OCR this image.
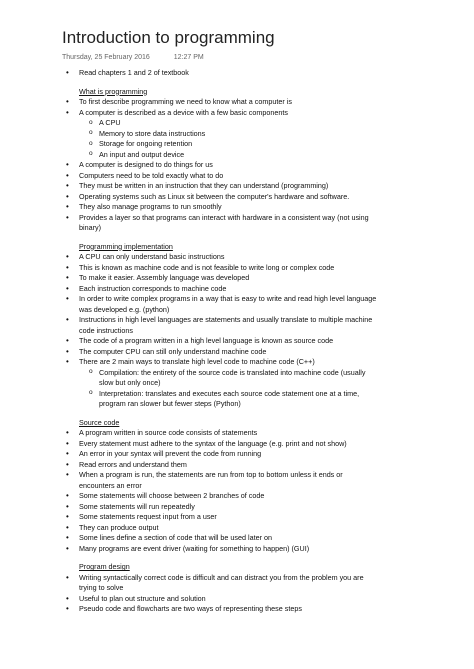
Introduction to programming
Thursday, 25 February 2016	12:27 PM
• Read chapters 1 and 2 of textbook
What is programming
• To first describe programming we need to know what a computer is
• A computer is described as a device with a few basic components
o A CPU
o Memory to store data instructions
o Storage for ongoing retention
o An input and output device
• A computer is designed to do things for us
• Computers need to be told exactly what to do
• They must be written in an instruction that they can understand (programming)
• Operating systems such as Linux sit between the computer's hardware and software.
• They also manage programs to run smoothly
• Provides a layer so that programs can interact with hardware in a consistent way (not using
binary)
Programming implementation
• A CPU can only understand basic instructions
• This is known as machine code and is not feasible to write long or complex code
• To make it easier. Assembly language was developed
• Each instruction corresponds to machine code
• In order to write complex programs in a way that is easy to write and read high level language
was developed e.g. (python)
• Instructions in high level languages are statements and usually translate to multiple machine
code instructions
• The code of a program written in a high level language is known as source code
• The computer CPU can still only understand machine code
• There are 2 main ways to translate high level code to machine code (C++)
o Compilation: the entirety of the source code is translated into machine code (usually
slow but only once)
o Interpretation: translates and executes each source code statement one at a time,
program ran slower but fewer steps (Python)
Source code
• A program written in source code consists of statements
• Every statement must adhere to the syntax of the language (e.g. print and not show)
• An error in your syntax will prevent the code from running
• Read errors and understand them
• When a program is run, the statements are run from top to bottom unless it ends or
encounters an error
• Some statements will choose between 2 branches of code
• Some statements will run repeatedly
• Some statements request input from a user
• They can produce output
• Some lines define a section of code that will be used later on
• Many programs are event driver (waiting for something to happen) (GUI)
Program design
• Writing syntactically correct code is difficult and can distract you from the problem you are
trying to solve
• Useful to plan out structure and solution
• Pseudo code and flowcharts are two ways of representing these steps
